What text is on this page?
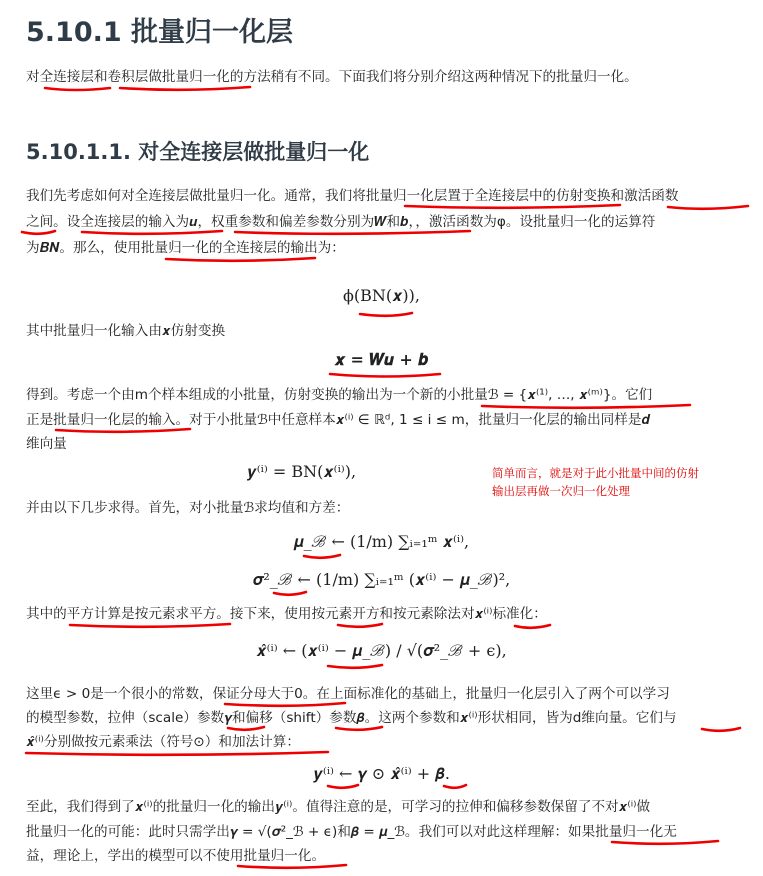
5.10.1 批量归一化层
对全连接层和卷积层做批量归一化的方法稍有不同。下面我们将分别介绍这两种情况下的批量归一化。
5.10.1.1. 对全连接层做批量归一化
我们先考虑如何对全连接层做批量归一化。通常，我们将批量归一化层置于全连接层中的仿射变换和激活函数
之间。设全连接层的输入为𝒖，权重参数和偏差参数分别为𝑾和𝒃，，激活函数为φ。设批量归一化的运算符
为𝑩𝑵。那么，使用批量归一化的全连接层的输出为：
ϕ(BN(𝒙)),
其中批量归一化输入由𝒙仿射变换
𝒙 = 𝑾𝒖 + 𝒃
得到。考虑一个由m个样本组成的小批量，仿射变换的输出为一个新的小批量ℬ = {𝒙⁽¹⁾, …, 𝒙⁽ᵐ⁾}。它们
正是批量归一化层的输入。对于小批量ℬ中任意样本𝒙⁽ⁱ⁾ ∈ ℝᵈ, 1 ≤ i ≤ m，批量归一化层的输出同样是𝒅
维向量
𝒚⁽ⁱ⁾ = BN(𝒙⁽ⁱ⁾),	简单而言，就是对于此小批量中间的仿射
输出层再做一次归一化处理
并由以下几步求得。首先，对小批量ℬ求均值和方差：
𝝁_ℬ ← (1/m) ∑ᵢ₌₁ᵐ 𝒙⁽ⁱ⁾,
𝝈²_ℬ ← (1/m) ∑ᵢ₌₁ᵐ (𝒙⁽ⁱ⁾ − 𝝁_ℬ)²,
其中的平方计算是按元素求平方。接下来，使用按元素开方和按元素除法对𝒙⁽ⁱ⁾标准化：
𝒙̂⁽ⁱ⁾ ← (𝒙⁽ⁱ⁾ − 𝝁_ℬ) / √(𝝈²_ℬ + ϵ),
这里ϵ > 0是一个很小的常数，保证分母大于0。在上面标准化的基础上，批量归一化层引入了两个可以学习
的模型参数，拉伸（scale）参数𝜸和偏移（shift）参数𝜷。这两个参数和𝒙⁽ⁱ⁾形状相同，皆为d维向量。它们与
𝒙̂⁽ⁱ⁾分别做按元素乘法（符号⊙）和加法计算：
𝒚⁽ⁱ⁾ ← 𝜸 ⊙ 𝒙̂⁽ⁱ⁾ + 𝜷.
至此，我们得到了𝒙⁽ⁱ⁾的批量归一化的输出𝒚⁽ⁱ⁾。值得注意的是，可学习的拉伸和偏移参数保留了不对𝒙⁽ⁱ⁾做
批量归一化的可能：此时只需学出𝜸 = √(𝝈²_ℬ + ϵ)和𝜷 = 𝝁_ℬ。我们可以对此这样理解：如果批量归一化无
益，理论上，学出的模型可以不使用批量归一化。
